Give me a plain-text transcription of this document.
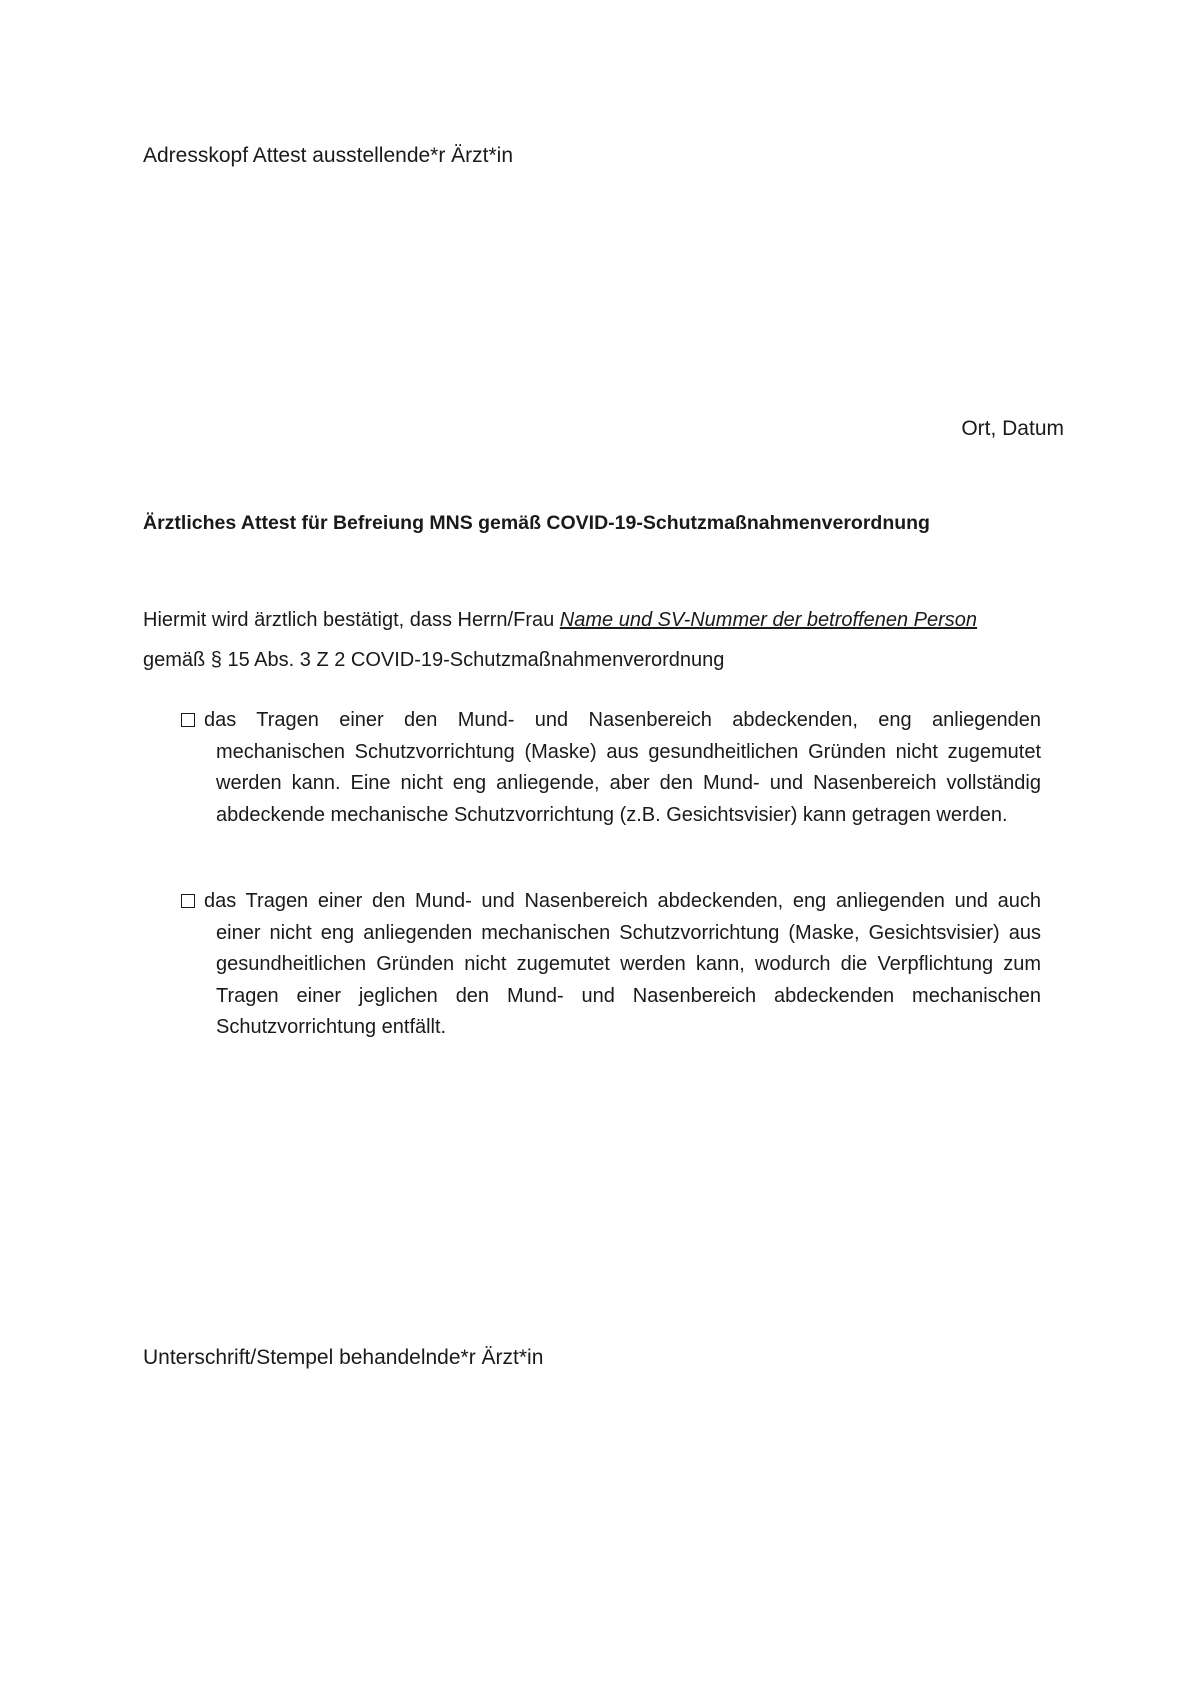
Adresskopf Attest ausstellende*r Ärzt*in
Ort, Datum
Ärztliches Attest für Befreiung MNS gemäß COVID-19-Schutzmaßnahmenverordnung
Hiermit wird ärztlich bestätigt, dass Herrn/Frau Name und SV-Nummer der betroffenen Person
gemäß § 15 Abs. 3 Z 2 COVID-19-Schutzmaßnahmenverordnung
das Tragen einer den Mund- und Nasenbereich abdeckenden, eng anliegenden mechanischen Schutzvorrichtung (Maske) aus gesundheitlichen Gründen nicht zugemutet werden kann. Eine nicht eng anliegende, aber den Mund- und Nasenbereich vollständig abdeckende mechanische Schutzvorrichtung (z.B. Gesichtsvisier) kann getragen werden.
das Tragen einer den Mund- und Nasenbereich abdeckenden, eng anliegenden und auch einer nicht eng anliegenden mechanischen Schutzvorrichtung (Maske, Gesichtsvisier) aus gesundheitlichen Gründen nicht zugemutet werden kann, wodurch die Verpflichtung zum Tragen einer jeglichen den Mund- und Nasenbereich abdeckenden mechanischen Schutzvorrichtung entfällt.
Unterschrift/Stempel behandelnde*r Ärzt*in
